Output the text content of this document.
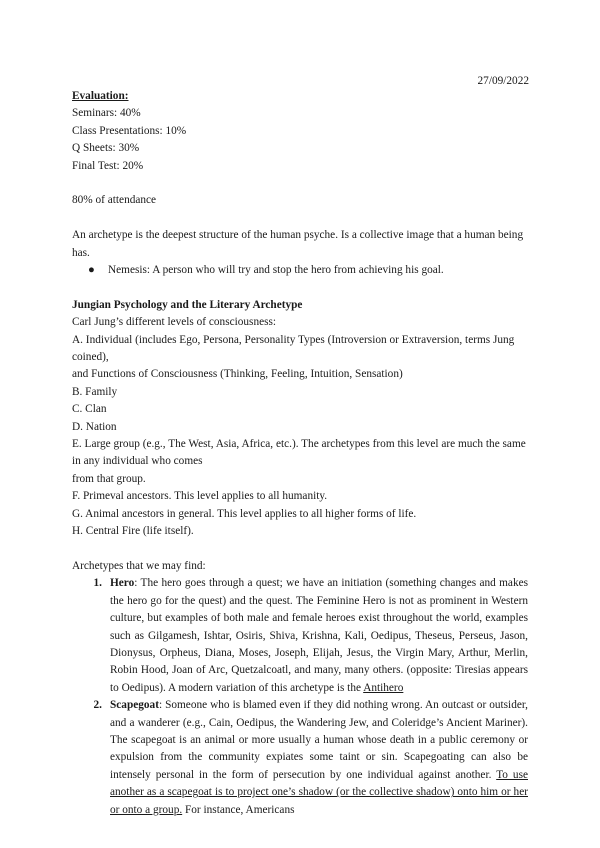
27/09/2022

Evaluation:

Seminars: 40%

Class Presentations: 10%

Q Sheets: 30%

Final Test: 20%

80% of attendance

An archetype is the deepest structure of the human psyche. Is a collective image that a human being has.

●	Nemesis: A person who will try and stop the hero from achieving his goal.

Jungian Psychology and the Literary Archetype

Carl Jung’s different levels of consciousness:

A. Individual (includes Ego, Persona, Personality Types (Introversion or Extraversion, terms Jung coined),

and Functions of Consciousness (Thinking, Feeling, Intuition, Sensation)

B. Family

C. Clan

D. Nation

E. Large group (e.g., The West, Asia, Africa, etc.). The archetypes from this level are much the same in any individual who comes

from that group.

F. Primeval ancestors. This level applies to all humanity.

G. Animal ancestors in general. This level applies to all higher forms of life.

H. Central Fire (life itself).

Archetypes that we may find:

1. Hero: The hero goes through a quest; we have an initiation (something changes and makes the hero go for the quest) and the quest. The Feminine Hero is not as prominent in Western culture, but examples of both male and female heroes exist throughout the world, examples such as Gilgamesh, Ishtar, Osiris, Shiva, Krishna, Kali, Oedipus, Theseus, Perseus, Jason, Dionysus, Orpheus, Diana, Moses, Joseph, Elijah, Jesus, the Virgin Mary, Arthur, Merlin, Robin Hood, Joan of Arc, Quetzalcoatl, and many, many others. (opposite: Tiresias appears to Oedipus). A modern variation of this archetype is the Antihero
2. Scapegoat: Someone who is blamed even if they did nothing wrong. An outcast or outsider, and a wanderer (e.g., Cain, Oedipus, the Wandering Jew, and Coleridge’s Ancient Mariner). The scapegoat is an animal or more usually a human whose death in a public ceremony or expulsion from the community expiates some taint or sin. Scapegoating can also be intensely personal in the form of persecution by one individual against another. To use another as a scapegoat is to project one’s shadow (or the collective shadow) onto him or her or onto a group. For instance, Americans
